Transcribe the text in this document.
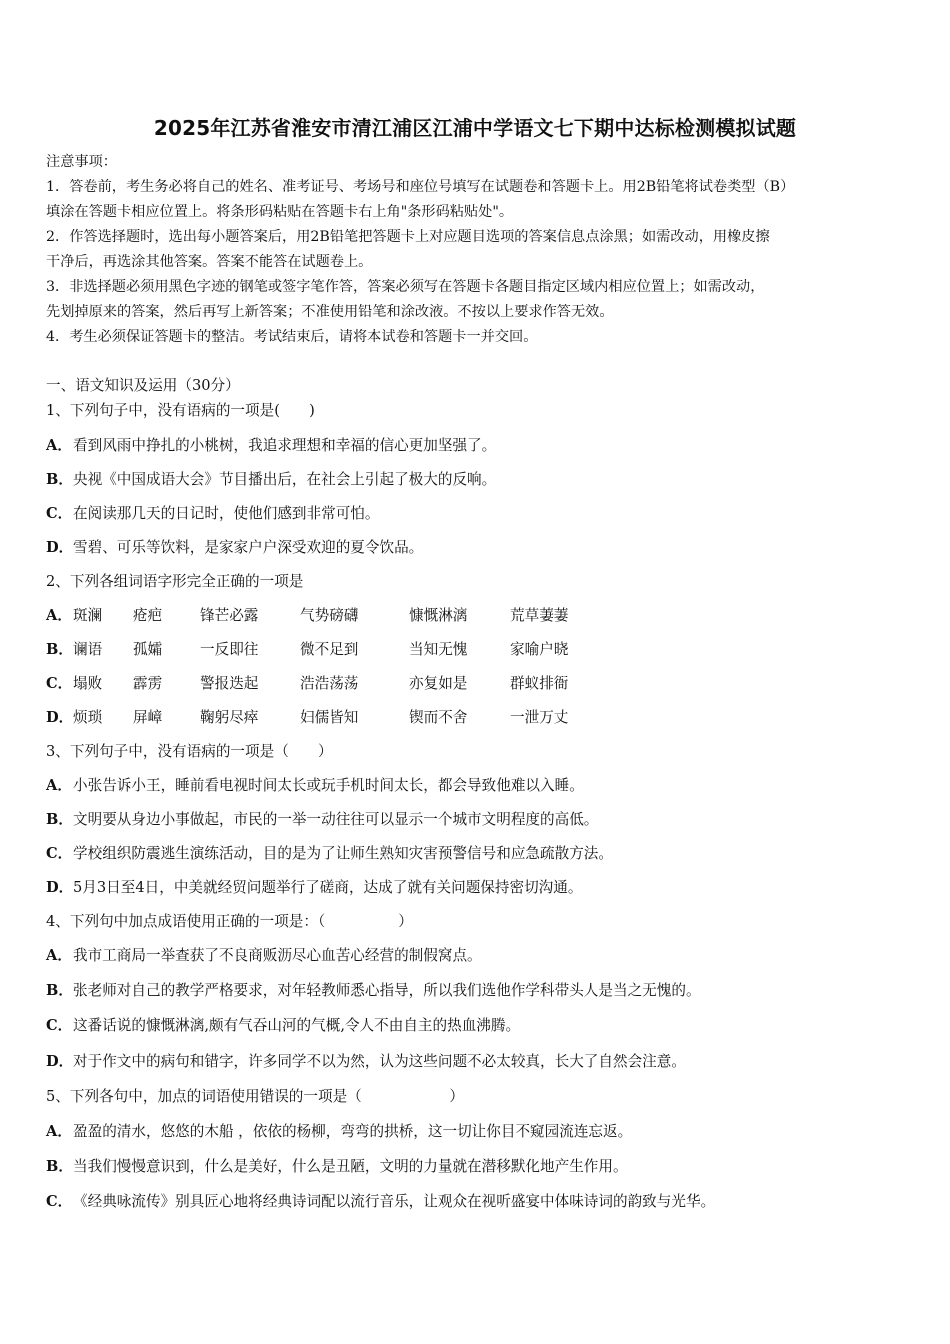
2025年江苏省淮安市清江浦区江浦中学语文七下期中达标检测模拟试题
注意事项：
1．答卷前，考生务必将自己的姓名、准考证号、考场号和座位号填写在试题卷和答题卡上。用2B铅笔将试卷类型（B）
填涂在答题卡相应位置上。将条形码粘贴在答题卡右上角"条形码粘贴处"。
2．作答选择题时，选出每小题答案后，用2B铅笔把答题卡上对应题目选项的答案信息点涂黑；如需改动，用橡皮擦
干净后，再选涂其他答案。答案不能答在试题卷上。
3．非选择题必须用黑色字迹的钢笔或签字笔作答，答案必须写在答题卡各题目指定区域内相应位置上；如需改动，
先划掉原来的答案，然后再写上新答案；不准使用铅笔和涂改液。不按以上要求作答无效。
4．考生必须保证答题卡的整洁。考试结束后，请将本试卷和答题卡一并交回。
一、语文知识及运用（30分）
1、下列句子中，没有语病的一项是(　　)
A．看到风雨中挣扎的小桃树，我追求理想和幸福的信心更加坚强了。
B．央视《中国成语大会》节目播出后，在社会上引起了极大的反响。
C．在阅读那几天的日记时，使他们感到非常可怕。
D．雪碧、可乐等饮料，是家家户户深受欢迎的夏令饮品。
2、下列各组词语字形完全正确的一项是
A． 斑澜 疮疤	锋芒必露	气势磅礴	慷慨淋漓	荒草萋萋
B． 谰语 孤孀	一反即往	微不足到	当知无愧	家喻户晓
C． 塌败 霹雳	警报迭起	浩浩荡荡	亦复如是	群蚁排衙
D． 烦琐 屏嶂	鞠躬尽瘁	妇儒皆知	锲而不舍	一泄万丈
3、下列句子中，没有语病的一项是（　　）
A．小张告诉小王，睡前看电视时间太长或玩手机时间太长，都会导致他难以入睡。
B．文明要从身边小事做起，市民的一举一动往往可以显示一个城市文明程度的高低。
C．学校组织防震逃生演练活动，目的是为了让师生熟知灾害预警信号和应急疏散方法。
D．5月3日至4日，中美就经贸问题举行了磋商，达成了就有关问题保持密切沟通。
4、下列句中加点成语使用正确的一项是：（　　　　　）
A．我市工商局一举查获了不良商贩沥尽心血苦心经营的制假窝点。
B．张老师对自己的教学严格要求，对年轻教师悉心指导，所以我们选他作学科带头人是当之无愧的。
C．这番话说的慷慨淋漓,颇有气吞山河的气概,令人不由自主的热血沸腾。
D．对于作文中的病句和错字，许多同学不以为然，认为这些问题不必太较真，长大了自然会注意。
5、下列各句中，加点的词语使用错误的一项是（　　　　　　）
A．盈盈的清水，悠悠的木船 ，依依的杨柳，弯弯的拱桥，这一切让你目不窥园流连忘返。
B．当我们慢慢意识到，什么是美好，什么是丑陋，文明的力量就在潜移默化地产生作用。
C．《经典咏流传》别具匠心地将经典诗词配以流行音乐，让观众在视听盛宴中体味诗词的韵致与光华。
